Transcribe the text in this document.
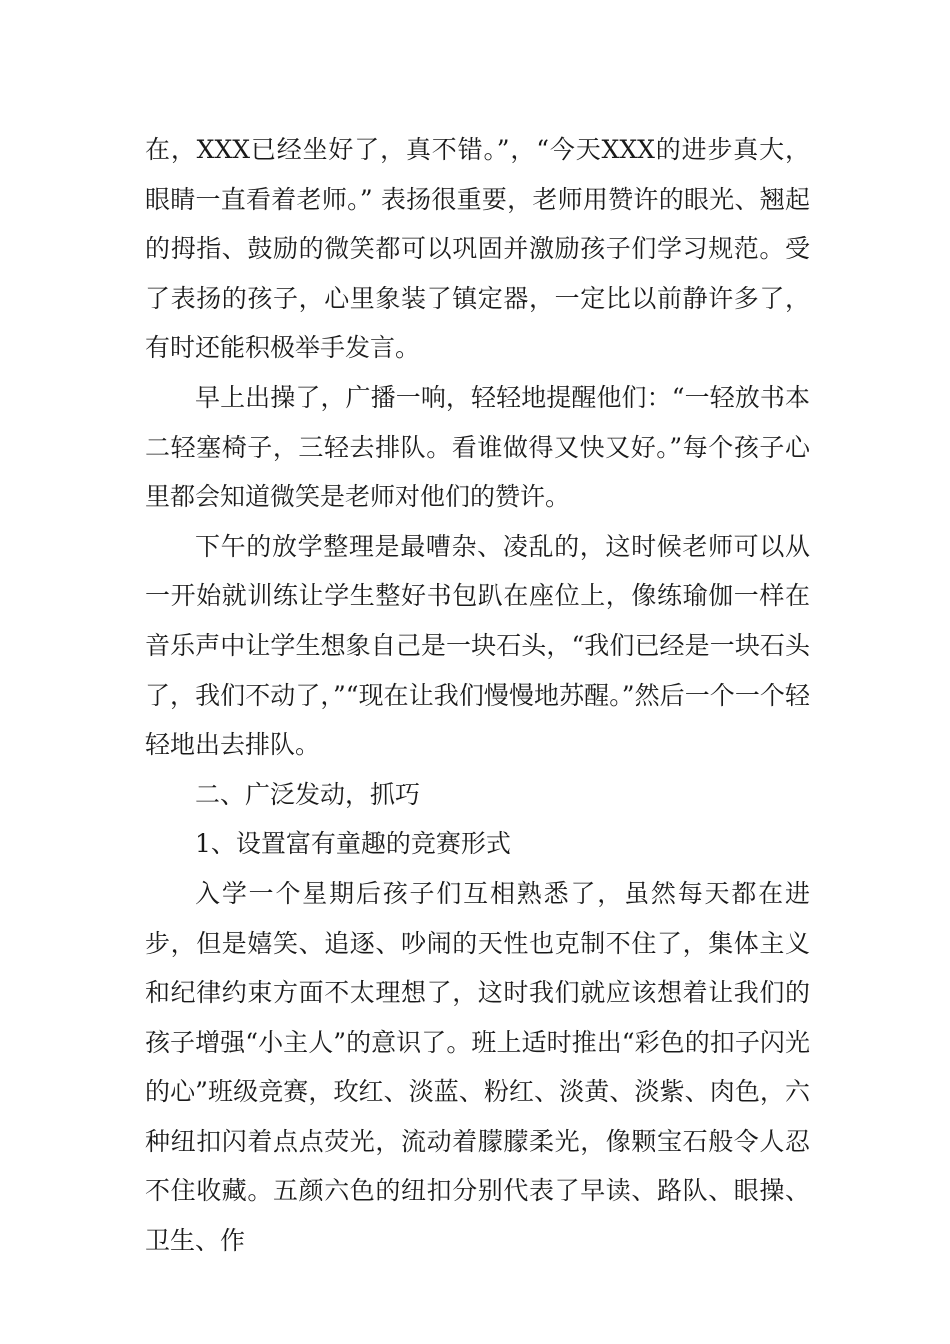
在，XXX已经坐好了，真不错。”，“今天XXX的进步真大，眼睛一直看着老师。” 表扬很重要，老师用赞许的眼光、翘起的拇指、鼓励的微笑都可以巩固并激励孩子们学习规范。受了表扬的孩子，心里象装了镇定器，一定比以前静许多了，有时还能积极举手发言。

早上出操了，广播一响，轻轻地提醒他们：“一轻放书本二轻塞椅子，三轻去排队。看谁做得又快又好。”每个孩子心里都会知道微笑是老师对他们的赞许。

下午的放学整理是最嘈杂、凌乱的，这时候老师可以从一开始就训练让学生整好书包趴在座位上，像练瑜伽一样在音乐声中让学生想象自己是一块石头，“我们已经是一块石头了，我们不动了，”“现在让我们慢慢地苏醒。”然后一个一个轻轻地出去排队。

二、广泛发动，抓巧

1、设置富有童趣的竞赛形式

入学一个星期后孩子们互相熟悉了，虽然每天都在进步，但是嬉笑、追逐、吵闹的天性也克制不住了，集体主义和纪律约束方面不太理想了，这时我们就应该想着让我们的孩子增强“小主人”的意识了。班上适时推出“彩色的扣子闪光的心”班级竞赛，玫红、淡蓝、粉红、淡黄、淡紫、肉色，六种纽扣闪着点点荧光，流动着朦朦柔光，像颗宝石般令人忍不住收藏。五颜六色的纽扣分别代表了早读、路队、眼操、卫生、作
